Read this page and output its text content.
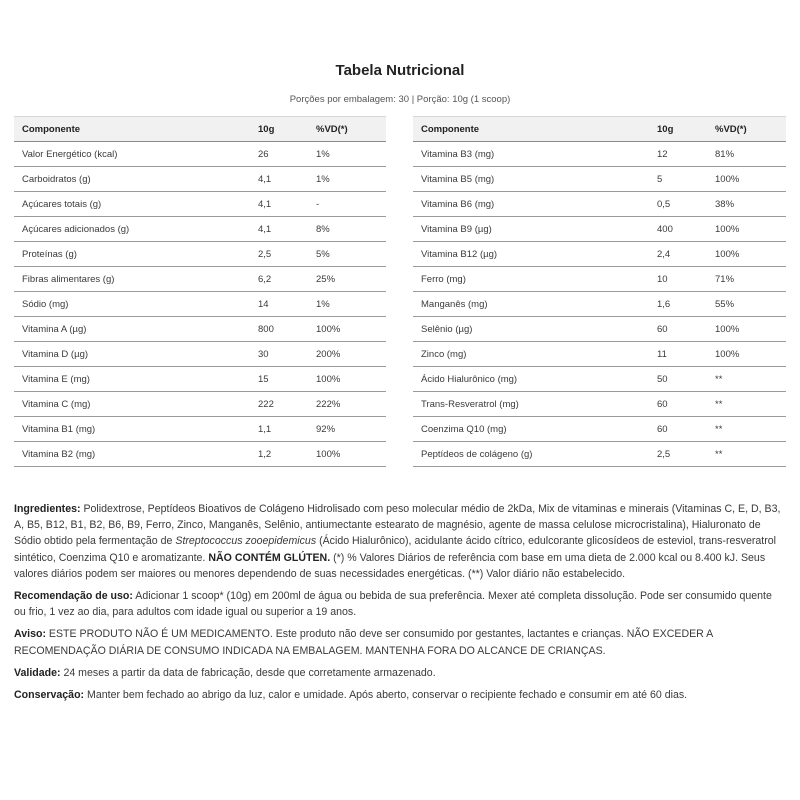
Tabela Nutricional
Porções por embalagem: 30 | Porção: 10g (1 scoop)
Componente	10g	%VD(*)
Valor Energético (kcal)	26	1%
Carboidratos (g)	4,1	1%
Açúcares totais (g)	4,1	-
Açúcares adicionados (g)	4,1	8%
Proteínas (g)	2,5	5%
Fibras alimentares (g)	6,2	25%
Sódio (mg)	14	1%
Vitamina A (µg)	800	100%
Vitamina D (µg)	30	200%
Vitamina E (mg)	15	100%
Vitamina C (mg)	222	222%
Vitamina B1 (mg)	1,1	92%
Vitamina B2 (mg)	1,2	100%
Componente	10g	%VD(*)
Vitamina B3 (mg)	12	81%
Vitamina B5 (mg)	5	100%
Vitamina B6 (mg)	0,5	38%
Vitamina B9 (µg)	400	100%
Vitamina B12 (µg)	2,4	100%
Ferro (mg)	10	71%
Manganês (mg)	1,6	55%
Selênio (µg)	60	100%
Zinco (mg)	11	100%
Ácido Hialurônico (mg)	50	**
Trans-Resveratrol (mg)	60	**
Coenzima Q10 (mg)	60	**
Peptídeos de colágeno (g)	2,5	**

Ingredientes: Polidextrose, Peptídeos Bioativos de Colágeno Hidrolisado com peso molecular médio de 2kDa, Mix de vitaminas e minerais (Vitaminas C, E, D, B3, A, B5, B12, B1, B2, B6, B9, Ferro, Zinco, Manganês, Selênio, antiumectante estearato de magnésio, agente de massa celulose microcristalina), Hialuronato de Sódio obtido pela fermentação de Streptococcus zooepidemicus (Ácido Hialurônico), acidulante ácido cítrico, edulcorante glicosídeos de esteviol, trans-resveratrol sintético, Coenzima Q10 e aromatizante. NÃO CONTÉM GLÚTEN. (*) % Valores Diários de referência com base em uma dieta de 2.000 kcal ou 8.400 kJ. Seus valores diários podem ser maiores ou menores dependendo de suas necessidades energéticas. (**) Valor diário não estabelecido.

Recomendação de uso: Adicionar 1 scoop* (10g) em 200ml de água ou bebida de sua preferência. Mexer até completa dissolução. Pode ser consumido quente ou frio, 1 vez ao dia, para adultos com idade igual ou superior a 19 anos.

Aviso: ESTE PRODUTO NÃO É UM MEDICAMENTO. Este produto não deve ser consumido por gestantes, lactantes e crianças. NÃO EXCEDER A RECOMENDAÇÃO DIÁRIA DE CONSUMO INDICADA NA EMBALAGEM. MANTENHA FORA DO ALCANCE DE CRIANÇAS.

Validade: 24 meses a partir da data de fabricação, desde que corretamente armazenado.

Conservação: Manter bem fechado ao abrigo da luz, calor e umidade. Após aberto, conservar o recipiente fechado e consumir em até 60 dias.
